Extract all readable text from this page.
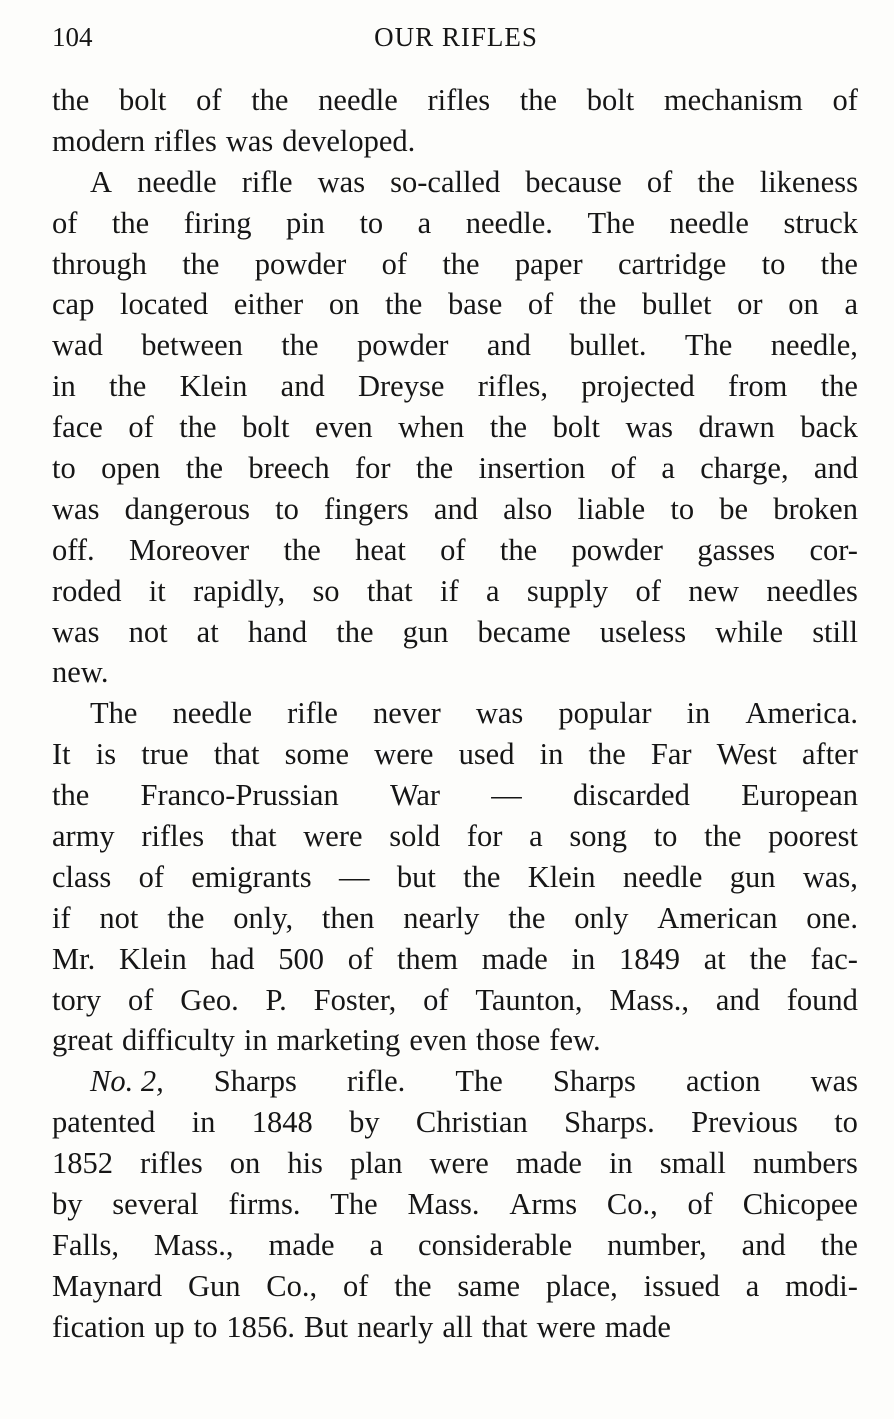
104	OUR RIFLES
the bolt of the needle rifles the bolt mechanism of
modern rifles was developed.
A needle rifle was so-called because of the likeness
of the firing pin to a needle. The needle struck
through the powder of the paper cartridge to the
cap located either on the base of the bullet or on a
wad between the powder and bullet. The needle,
in the Klein and Dreyse rifles, projected from the
face of the bolt even when the bolt was drawn back
to open the breech for the insertion of a charge, and
was dangerous to fingers and also liable to be broken
off. Moreover the heat of the powder gasses cor-
roded it rapidly, so that if a supply of new needles
was not at hand the gun became useless while still
new.
The needle rifle never was popular in America.
It is true that some were used in the Far West after
the Franco-Prussian War — discarded European
army rifles that were sold for a song to the poorest
class of emigrants — but the Klein needle gun was,
if not the only, then nearly the only American one.
Mr. Klein had 500 of them made in 1849 at the fac-
tory of Geo. P. Foster, of Taunton, Mass., and found
great difficulty in marketing even those few.
No. 2, Sharps rifle. The Sharps action was
patented in 1848 by Christian Sharps. Previous to
1852 rifles on his plan were made in small numbers
by several firms. The Mass. Arms Co., of Chicopee
Falls, Mass., made a considerable number, and the
Maynard Gun Co., of the same place, issued a modi-
fication up to 1856. But nearly all that were made
